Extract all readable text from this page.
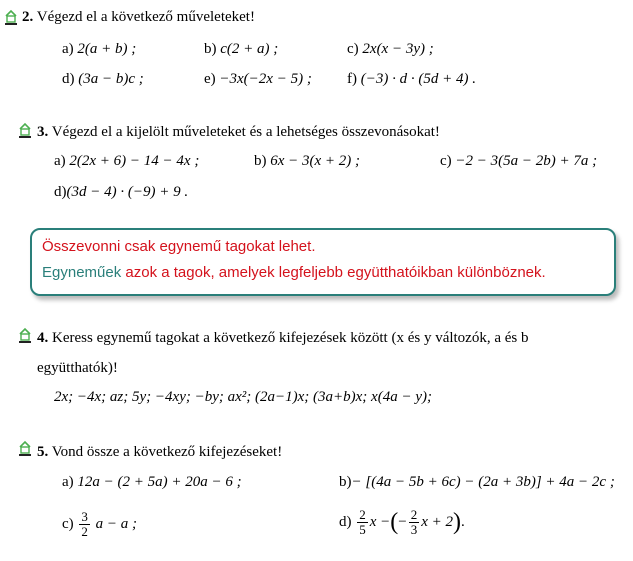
2. Végezd el a következő műveleteket!
a) 2(a + b) ;	b) c(2 + a) ;	c) 2x(x − 3y) ;
d) (3a − b)c ;	e) −3x(−2x − 5) ; f) (−3) · d · (5d + 4) .
3. Végezd el a kijelölt műveleteket és a lehetséges összevonásokat!
a) 2(2x + 6) − 14 − 4x ;	b) 6x − 3(x + 2) ;	c) −2 − 3(5a − 2b) + 7a ;
d)(3d − 4) · (−9) + 9 .
Összevonni csak egynemű tagokat lehet.
Egyneműek azok a tagok, amelyek legfeljebb együtthatóikban különböznek.
4. Keress egynemű tagokat a következő kifejezések között (x és y változók, a és b
együtthatók)!
2x; −4x; az; 5y; −4xy; −by; ax²; (2a−1)x; (3a+b)x; x(4a − y);
5. Vond össze a következő kifejezéseket!
a) 12a − (2 + 5a) + 20a − 6 ;	b)− [(4a − 5b + 6c) − (2a + 3b)] + 4a − 2c ;
$c) \frac{3}{2}$ a − a ;	$d) \frac{2}{5}$ x −(− $\frac{2}{3}$ x + 2).
